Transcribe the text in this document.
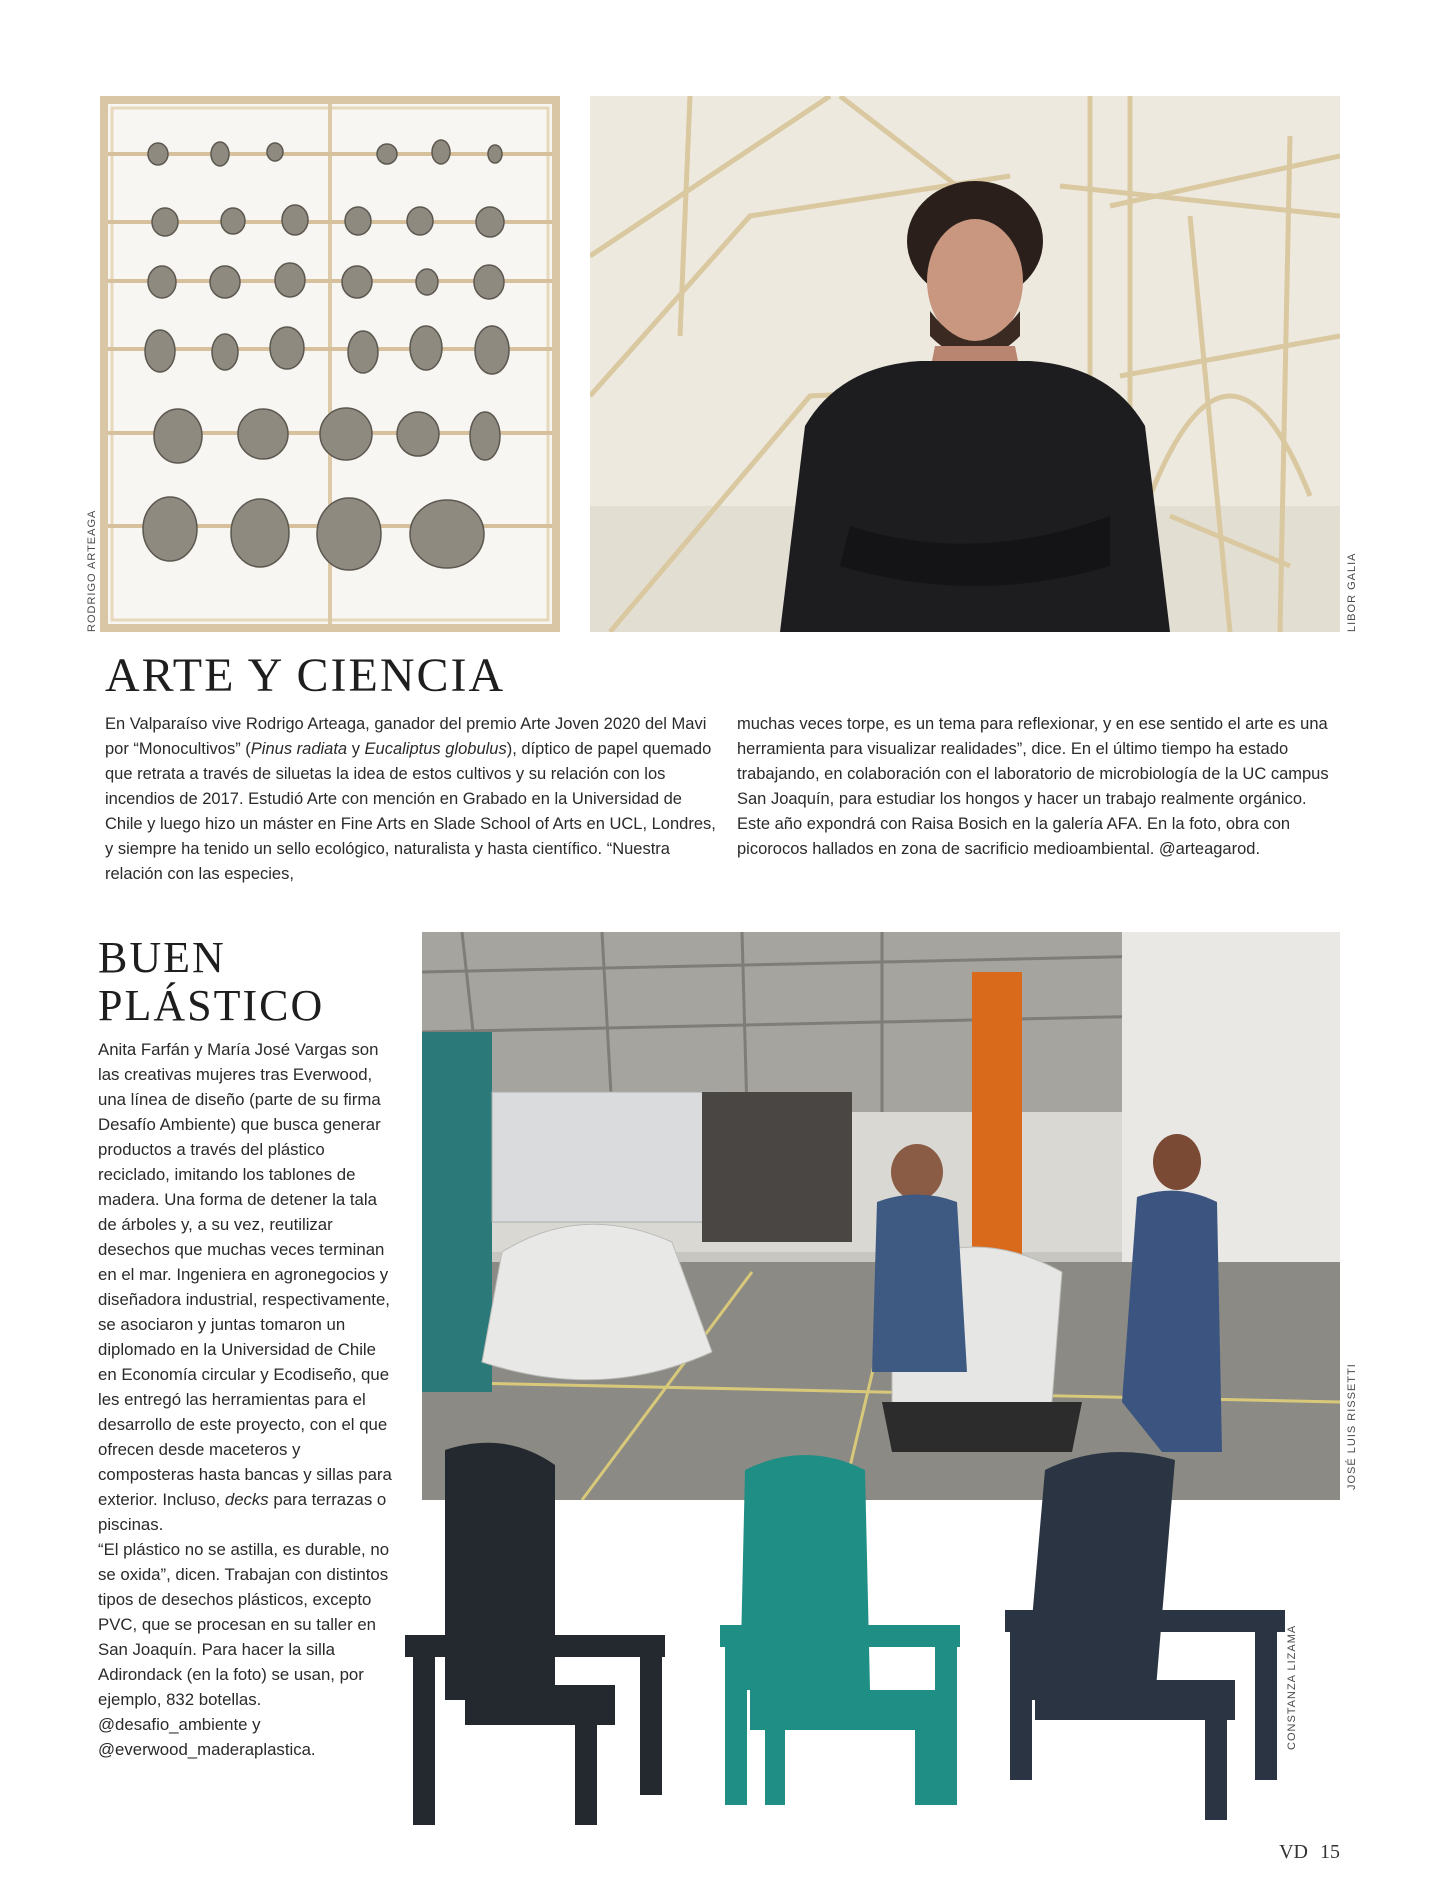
RODRIGO ARTEAGA	LIBOR GALIA
ARTE Y CIENCIA

En Valparaíso vive Rodrigo Arteaga, ganador del premio Arte Joven 2020 del Mavi por “Monocultivos” (Pinus radiata y Eucaliptus globulus), díptico de papel quemado que retrata a través de siluetas la idea de estos cultivos y su relación con los incendios de 2017. Estudió Arte con mención en Grabado en la Universidad de Chile y luego hizo un máster en Fine Arts en Slade School of Arts en UCL, Londres, y siempre ha tenido un sello ecológico, naturalista y hasta científico. “Nuestra relación con las especies,

muchas veces torpe, es un tema para reflexionar, y en ese sentido el arte es una herramienta para visualizar realidades”, dice. En el último tiempo ha estado trabajando, en colaboración con el laboratorio de microbiología de la UC campus San Joaquín, para estudiar los hongos y hacer un trabajo realmente orgánico. Este año expondrá con Raisa Bosich en la galería AFA. En la foto, obra con picorocos hallados en zona de sacrificio medioambiental. @arteagarod.

BUEN
PLÁSTICO

Anita Farfán y María José Vargas son las creativas mujeres tras Everwood, una línea de diseño (parte de su firma Desafío Ambiente) que busca generar productos a través del plástico reciclado, imitando los tablones de madera. Una forma de detener la tala de árboles y, a su vez, reutilizar desechos que muchas veces terminan en el mar. Ingeniera en agronegocios y diseñadora industrial, respectivamente, se asociaron y juntas tomaron un diplomado en la Universidad de Chile en Economía circular y Ecodiseño, que les entregó las herramientas para el desarrollo de este proyecto, con el que ofrecen desde maceteros y composteras hasta bancas y sillas para exterior. Incluso, decks para terrazas o piscinas.

“El plástico no se astilla, es durable, no se oxida”, dicen. Trabajan con distintos tipos de desechos plásticos, excepto PVC, que se procesan en su taller en San Joaquín. Para hacer la silla Adirondack (en la foto) se usan, por ejemplo, 832 botellas. @desafio_ambiente y @everwood_maderaplastica.

JOSÉ LUIS RISSETTI
CONSTANZA LIZAMA
VD 15
